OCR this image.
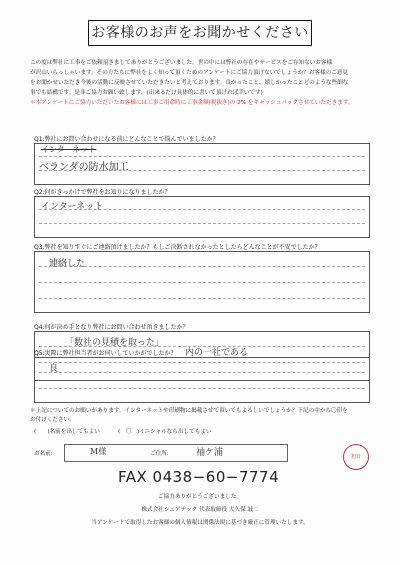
お客様のお声をお聞かせください
この度は弊社に工事をご依頼頂きましてありがとうございました。世の中には弊社の存在やサービスをご存知ないお客様
が沢山いらっしゃいます。その方たちに弊社をよく知って頂くためのアンケートにご協力頂けないでしょうか？お客様のご意見
をお聞かせいただき今後の活動に反映させていただきたいと考えております。良かったこと、嬉しかったことどのような些細な
事でも結構です。是非ご協力お願い致します。(出来るだけ具体的に書いて頂ければ幸いです)
＊本アンケートにご協力いただいたお客様には工事ご用命時に工事金額(税抜き)の 2% をキャッシュバックさせていただきます。
Q1:弊社にお問い合わせになる前にどんなことで悩んでいましたか？
インターネット
ベランダの防水加工
Q2:何がきっかけで弊社をお知りになりましたか？
インターネット
Q3:弊社を知りすぐにご連絡頂けましたか？もしご決断されなかったとしたらどんなことが不安でしたか？
連絡した
Q4:何が決め手となり弊社にお問い合わせ頂きましたか？
「数社の見積を取った」
内の一社である
Q5:実際に弊社担当者がお伺いしていかがでしたか？
良
＊上記についてのお願いがあります。インターネットや印刷物に掲載させて頂いてもよろしいでしょうか？下記の中から〇印を
お付けください。
(　　)名前を出してもよい	(　〇　)イニシャルなら出してもよい
お名前:	M様	ご住所:	袖ケ浦	旭日
FAX 0438−60−7774
ご協力ありがとうございました。
株式会社シェアテック 代表取締役 大久保 誠二
当アンケートで取得したお客様の個人情報は関係法規に基づき厳正に管理いたします。
